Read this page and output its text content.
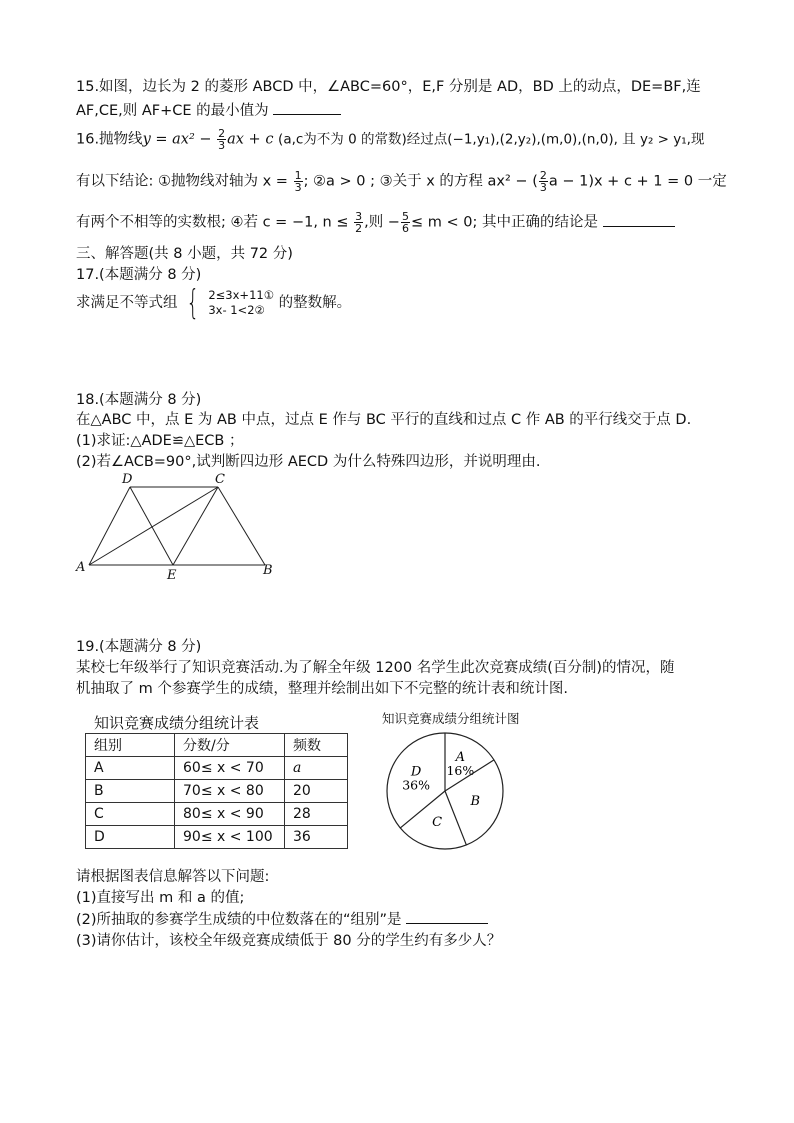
15.如图，边长为 2 的菱形 ABCD 中，∠ABC=60°，E,F 分别是 AD，BD 上的动点，DE=BF,连
AF,CE,则 AF+CE 的最小值为
16.抛物线$y = ax^2 - \frac{2}{3}$ ax + c (a,c为不为 0 的常数)经过点(−1,y₁),(2,y₂),(m,0),(n,0), 且 y₂ > y₁,现
有以下结论: ①抛物线对轴为 $x = \frac{1}{3}$ ; ②a > 0 ; ③关于 x 的方程 ax² − ( $\frac{2}{3}$ a − 1)x + c + 1 = 0 一定
有两个不相等的实数根; ④若 c = −1, $n \le \frac{3}{2}$ ,则 − $\frac{5}{6} \le m < 0$; 其中正确的结论是
三、解答题(共 8 小题，共 72 分)
17.(本题满分 8 分)
求满足不等式组 { 2≤3x+11①
3x- 1<2② 的整数解。
18.(本题满分 8 分)
在△ABC 中，点 E 为 AB 中点，过点 E 作与 BC 平行的直线和过点 C 作 AB 的平行线交于点 D.
(1)求证:△ADE≌△ECB ；
(2)若∠ACB=90°,试判断四边形 AECD 为什么特殊四边形，并说明理由.
D	C
A
E	B
19.(本题满分 8 分)
某校七年级举行了知识竞赛活动.为了解全年级 1200 名学生此次竞赛成绩(百分制)的情况，随
机抽取了 m 个参赛学生的成绩，整理并绘制出如下不完整的统计表和统计图.
知识竞赛成绩分组统计表
组别	分数/分	频数
A	60≤ x < 70	a
B	70≤ x < 80	20
C	80≤ x < 90	28
D	90≤ x < 100	36
知识竞赛成绩分组统计图
A
16%
B
C
D
36%
请根据图表信息解答以下问题:
(1)直接写出 m 和 a 的值;
(2)所抽取的参赛学生成绩的中位数落在的“组别”是
(3)请你估计，该校全年级竞赛成绩低于 80 分的学生约有多少人？
